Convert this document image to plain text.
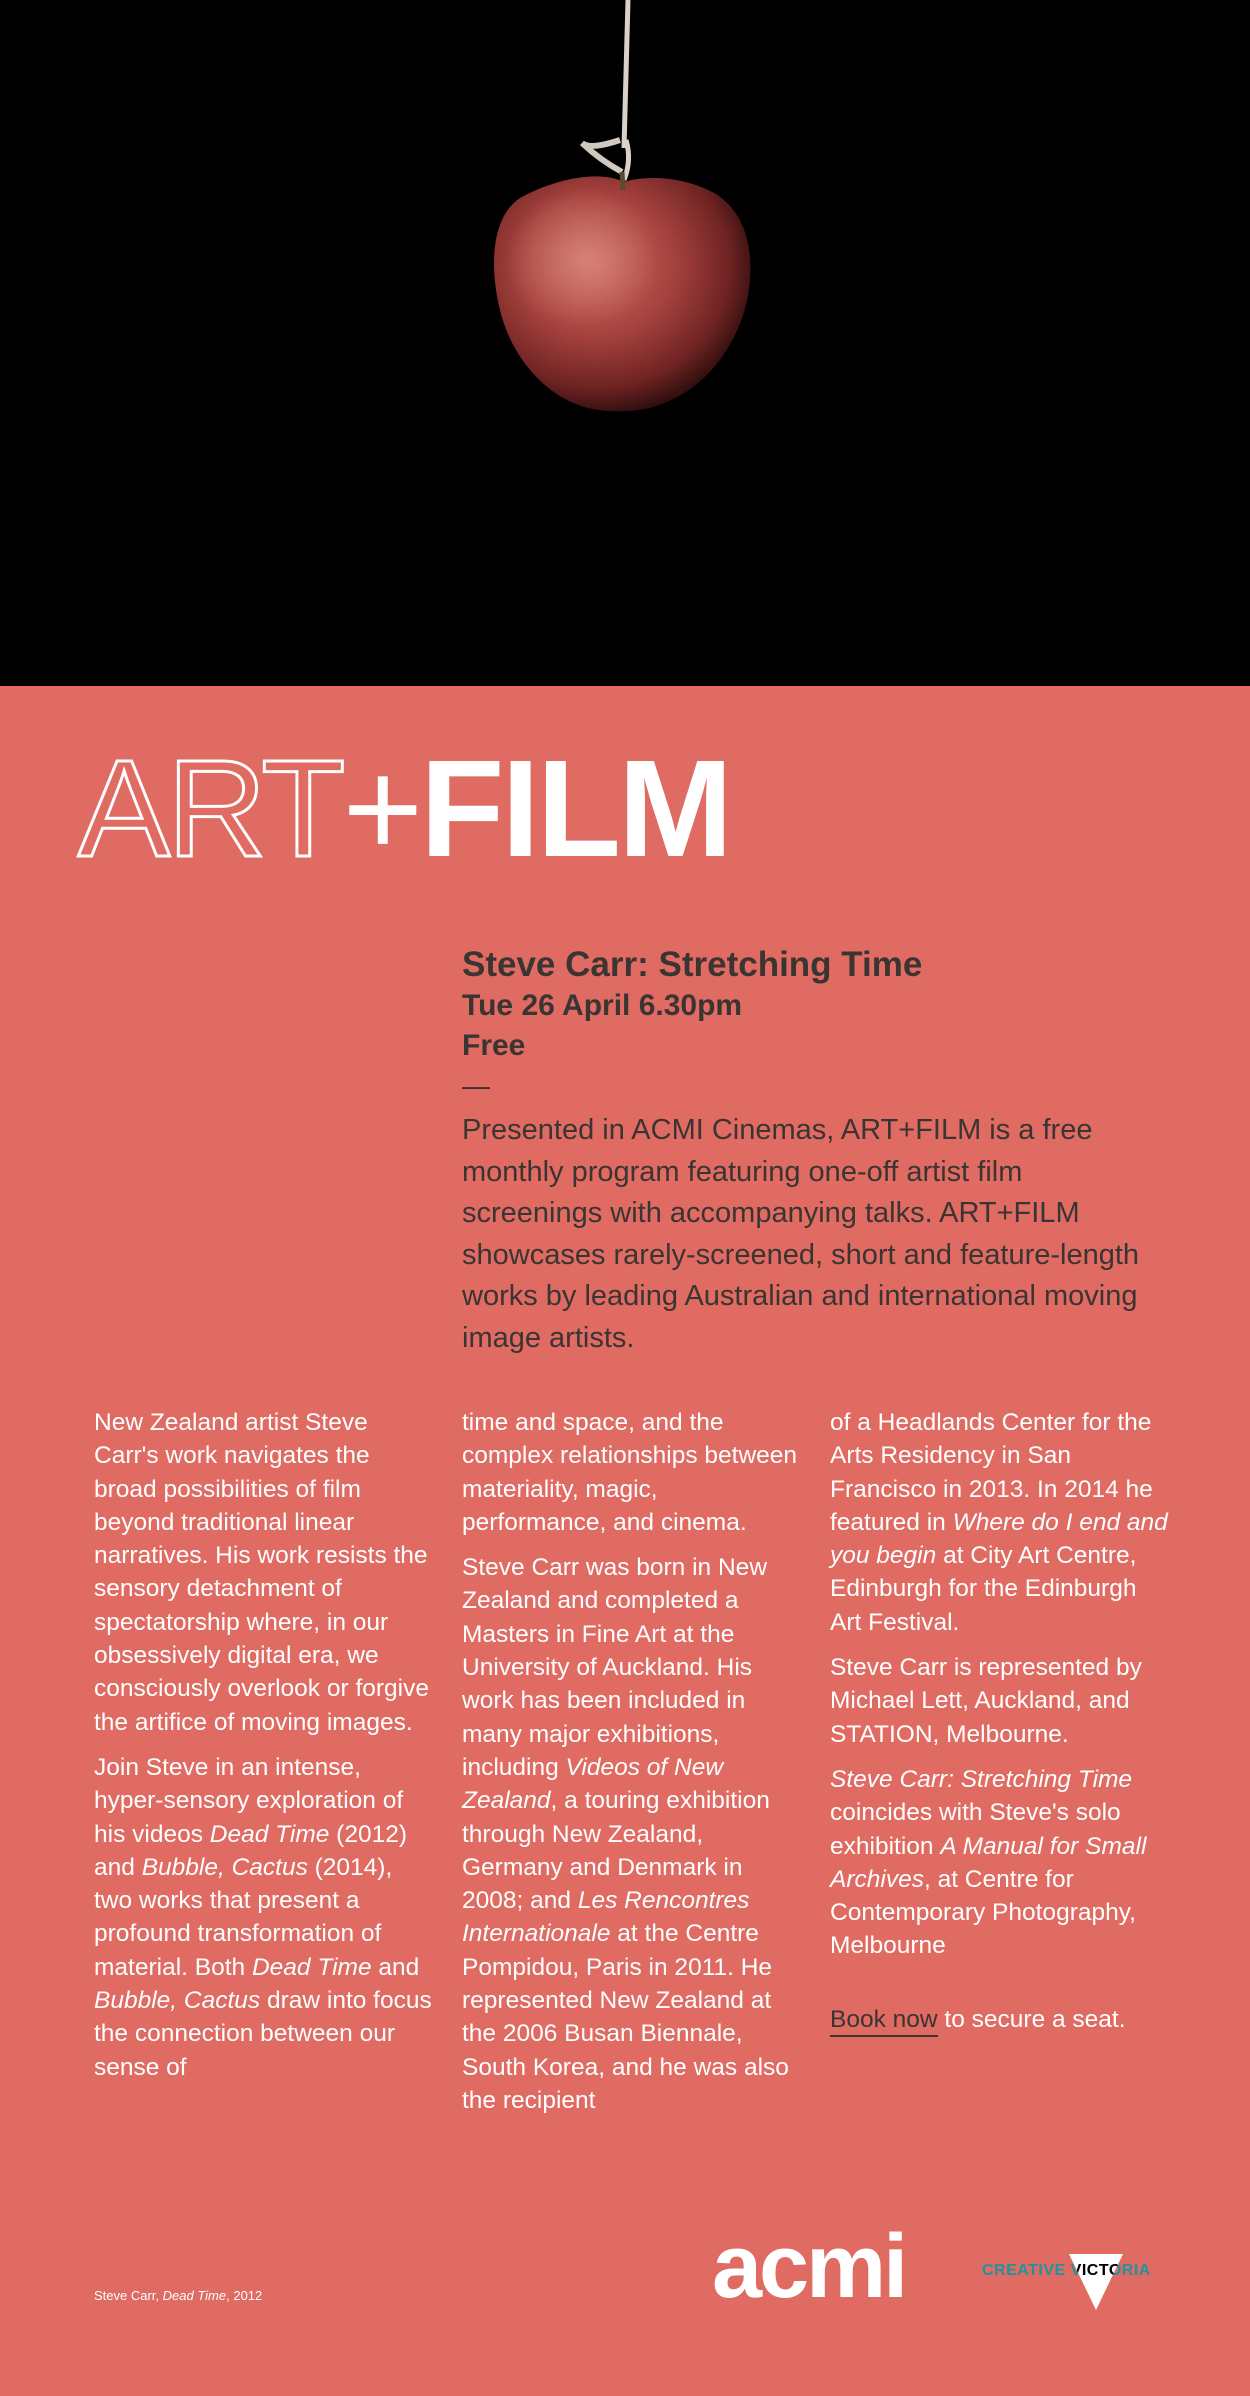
ART+FILM
Steve Carr: Stretching Time
Tue 26 April 6.30pm
Free
—
Presented in ACMI Cinemas, ART+FILM is a free monthly program featuring one-off artist film screenings with accompanying talks. ART+FILM showcases rarely-screened, short and feature-length works by leading Australian and international moving image artists.

New Zealand artist Steve Carr's work navigates the broad possibilities of film beyond traditional linear narratives. His work resists the sensory detachment of spectatorship where, in our obsessively digital era, we consciously overlook or forgive the artifice of moving images.

Join Steve in an intense, hyper-sensory exploration of his videos Dead Time (2012) and Bubble, Cactus (2014), two works that present a profound transformation of material. Both Dead Time and Bubble, Cactus draw into focus the connection between our sense of

time and space, and the complex relationships between materiality, magic, performance, and cinema.

Steve Carr was born in New Zealand and completed a Masters in Fine Art at the University of Auckland. His work has been included in many major exhibitions, including Videos of New Zealand, a touring exhibition through New Zealand, Germany and Denmark in 2008; and Les Rencontres Internationale at the Centre Pompidou, Paris in 2011. He represented New Zealand at the 2006 Busan Biennale, South Korea, and he was also the recipient

of a Headlands Center for the Arts Residency in San Francisco in 2013. In 2014 he featured in Where do I end and you begin at City Art Centre, Edinburgh for the Edinburgh Art Festival.

Steve Carr is represented by Michael Lett, Auckland, and STATION, Melbourne.

Steve Carr: Stretching Time coincides with Steve's solo exhibition A Manual for Small Archives, at Centre for Contemporary Photography, Melbourne

Book now to secure a seat.

Steve Carr, Dead Time, 2012	acmi	CREATIVE VICTORIA
